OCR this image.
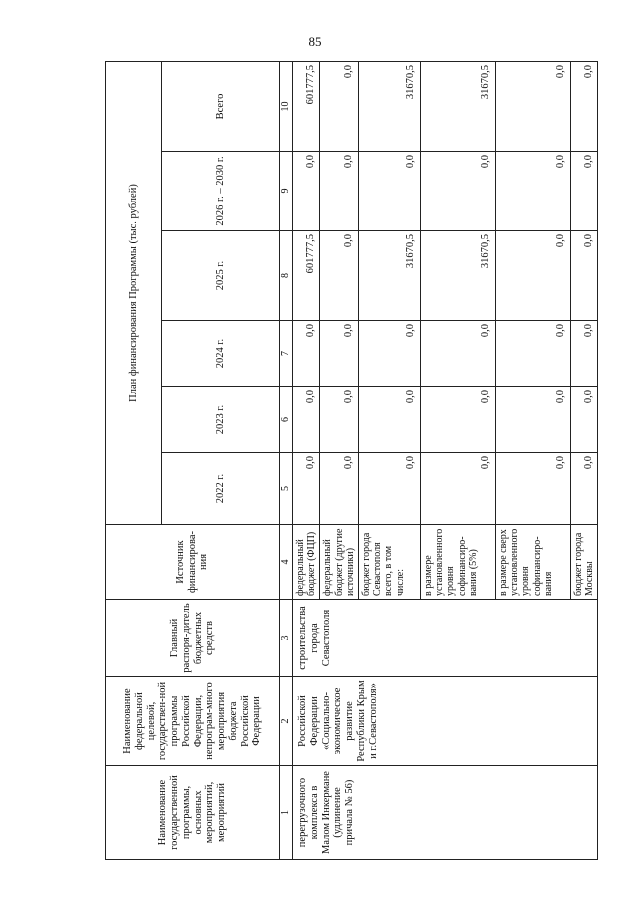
85
Наименование государственной программы, основных мероприятий, мероприятий	Наименование федеральной целевой, государствен-ной программы Российской Федерации, непрограм-много мероприятия бюджета Российской Федерации	Главный распоря-дитель бюджетных средств	Источник финансирова-ния	План финансирования Программы (тыс. рублей)					
				2022 г.	2023 г.	2024 г.	2025 г.	2026 г. – 2030 г.	Всего
1	2	3	4	5	6	7	8	9	10
перегрузочного комплекса в Малом Инкермане (удлинение причала № 56)	Российской Федерации «Социально-экономическое развитие Республики Крым и г.Севастополя»	строительства города Севастополя	федеральный бюджет (ФЦП)	0,0	0,0	0,0	601777,5	0,0	601777,5
			федеральный бюджет (другие источники)	0,0	0,0	0,0	0,0	0,0	0,0
			бюджет города Севастополя всего, в том числе:	0,0	0,0	0,0	31670,5	0,0	31670,5
			в размере установленного уровня софинансиро-вания (5%)	0,0	0,0	0,0	31670,5	0,0	31670,5
			в размере сверх установленного уровня софинансиро-вания	0,0	0,0	0,0	0,0	0,0	0,0
			бюджет города Москвы	0,0	0,0	0,0	0,0	0,0	0,0
